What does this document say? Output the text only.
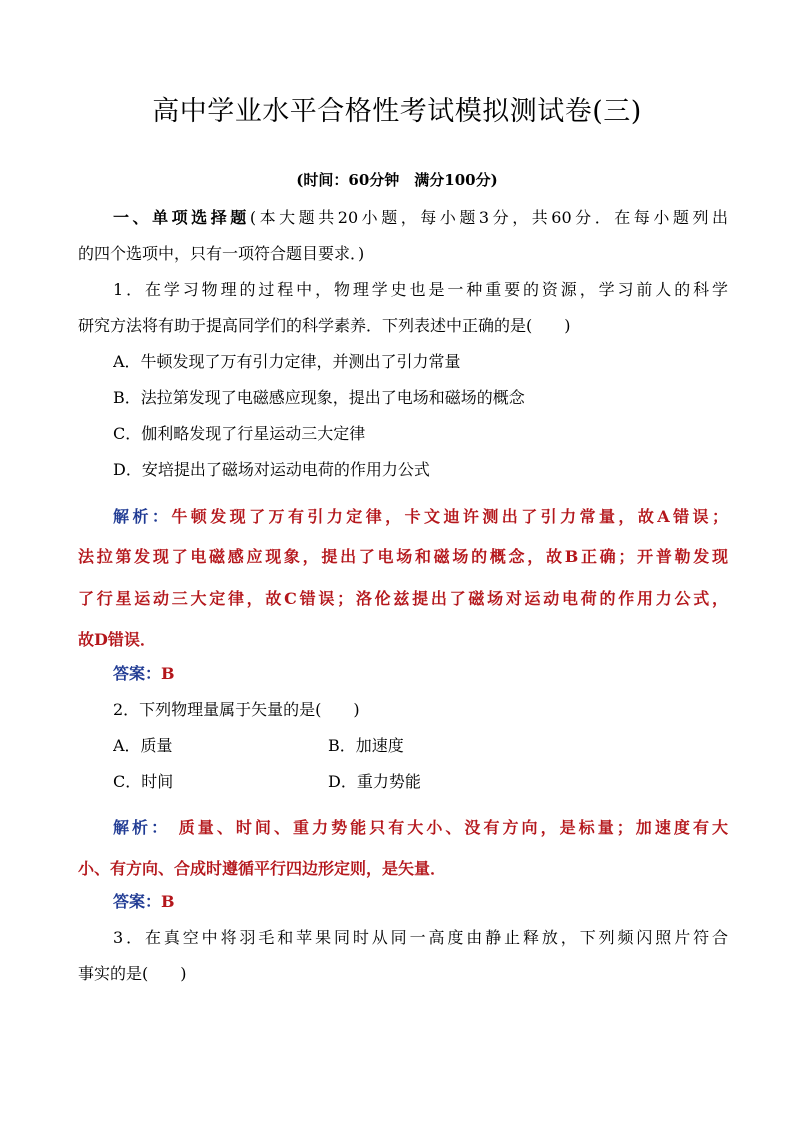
高中学业水平合格性考试模拟测试卷(三)
(时间：60分钟　满分100分)
一、单项选择题(本大题共20小题，每小题3分，共60分．在每小题列出
的四个选项中，只有一项符合题目要求．)
1．在学习物理的过程中，物理学史也是一种重要的资源，学习前人的科学
研究方法将有助于提高同学们的科学素养．下列表述中正确的是(　　)
A．牛顿发现了万有引力定律，并测出了引力常量
B．法拉第发现了电磁感应现象，提出了电场和磁场的概念
C．伽利略发现了行星运动三大定律
D．安培提出了磁场对运动电荷的作用力公式
解析：牛顿发现了万有引力定律，卡文迪许测出了引力常量，故A错误；
法拉第发现了电磁感应现象，提出了电场和磁场的概念，故B正确；开普勒发现
了行星运动三大定律，故C错误；洛伦兹提出了磁场对运动电荷的作用力公式，
故D错误．
答案：B
2．下列物理量属于矢量的是(　　)
A．质量	B．加速度
C．时间	D．重力势能
解析： 质量、时间、重力势能只有大小、没有方向，是标量；加速度有大
小、有方向、合成时遵循平行四边形定则，是矢量．
答案：B
3．在真空中将羽毛和苹果同时从同一高度由静止释放，下列频闪照片符合
事实的是(　　)
